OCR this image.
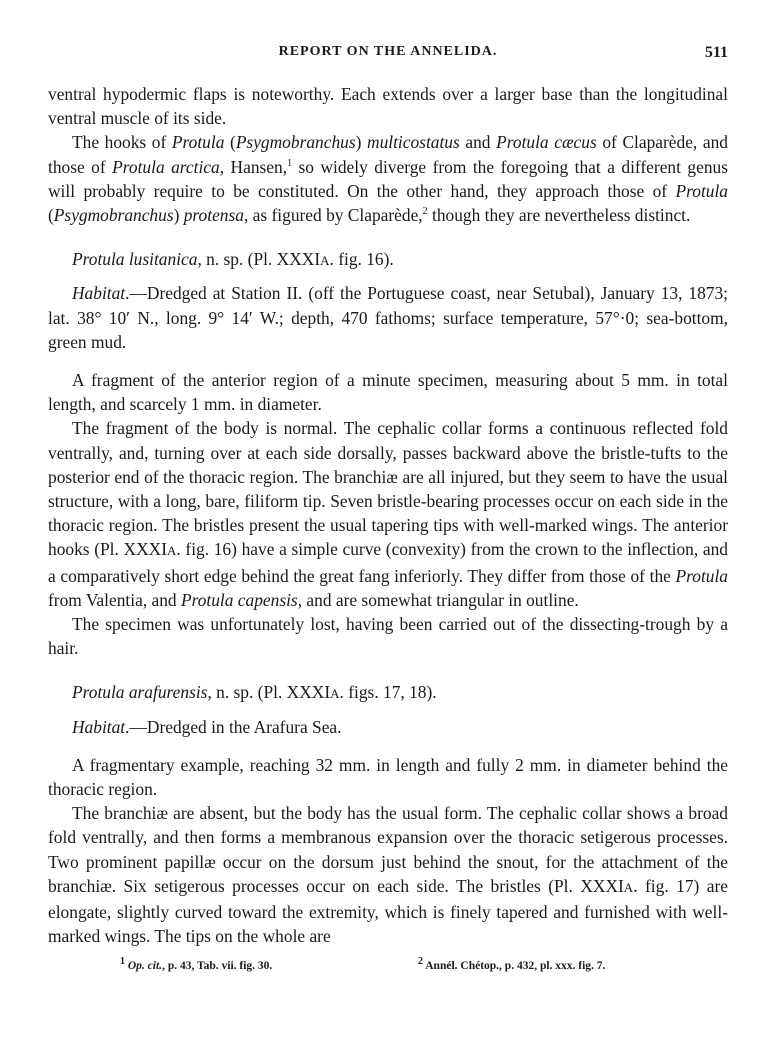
REPORT ON THE ANNELIDA.	511

ventral hypodermic flaps is noteworthy. Each extends over a larger base than the longitudinal ventral muscle of its side.

The hooks of Protula (Psygmobranchus) multicostatus and Protula cæcus of Claparède, and those of Protula arctica, Hansen,$^1$ so widely diverge from the foregoing that a different genus will probably require to be constituted. On the other hand, they approach those of Protula (Psygmobranchus) protensa, as figured by Claparède,$^2$ though they are nevertheless distinct.

Protula lusitanica, n. sp. (Pl. XXXIA. fig. 16).

Habitat.—Dredged at Station II. (off the Portuguese coast, near Setubal), January 13, 1873; lat. 38° 10′ N., long. 9° 14′ W.; depth, 470 fathoms; surface temperature, 57°·0; sea-bottom, green mud.

A fragment of the anterior region of a minute specimen, measuring about 5 mm. in total length, and scarcely 1 mm. in diameter.

The fragment of the body is normal. The cephalic collar forms a continuous reflected fold ventrally, and, turning over at each side dorsally, passes backward above the bristle-tufts to the posterior end of the thoracic region. The branchiæ are all injured, but they seem to have the usual structure, with a long, bare, filiform tip. Seven bristle-bearing processes occur on each side in the thoracic region. The bristles present the usual tapering tips with well-marked wings. The anterior hooks (Pl. XXXIA. fig. 16) have a simple curve (convexity) from the crown to the inflection, and a comparatively short edge behind the great fang inferiorly. They differ from those of the Protula from Valentia, and Protula capensis, and are somewhat triangular in outline.

The specimen was unfortunately lost, having been carried out of the dissecting-trough by a hair.

Protula arafurensis, n. sp. (Pl. XXXIA. figs. 17, 18).

Habitat.—Dredged in the Arafura Sea.

A fragmentary example, reaching 32 mm. in length and fully 2 mm. in diameter behind the thoracic region.

The branchiæ are absent, but the body has the usual form. The cephalic collar shows a broad fold ventrally, and then forms a membranous expansion over the thoracic setigerous processes. Two prominent papillæ occur on the dorsum just behind the snout, for the attachment of the branchiæ. Six setigerous processes occur on each side. The bristles (Pl. XXXIA. fig. 17) are elongate, slightly curved toward the extremity, which is finely tapered and furnished with well-marked wings. The tips on the whole are

$^1$ Op. cit., p. 43, Tab. vii. fig. 30.	$^2$ Annél. Chétop., p. 432, pl. xxx. fig. 7.
